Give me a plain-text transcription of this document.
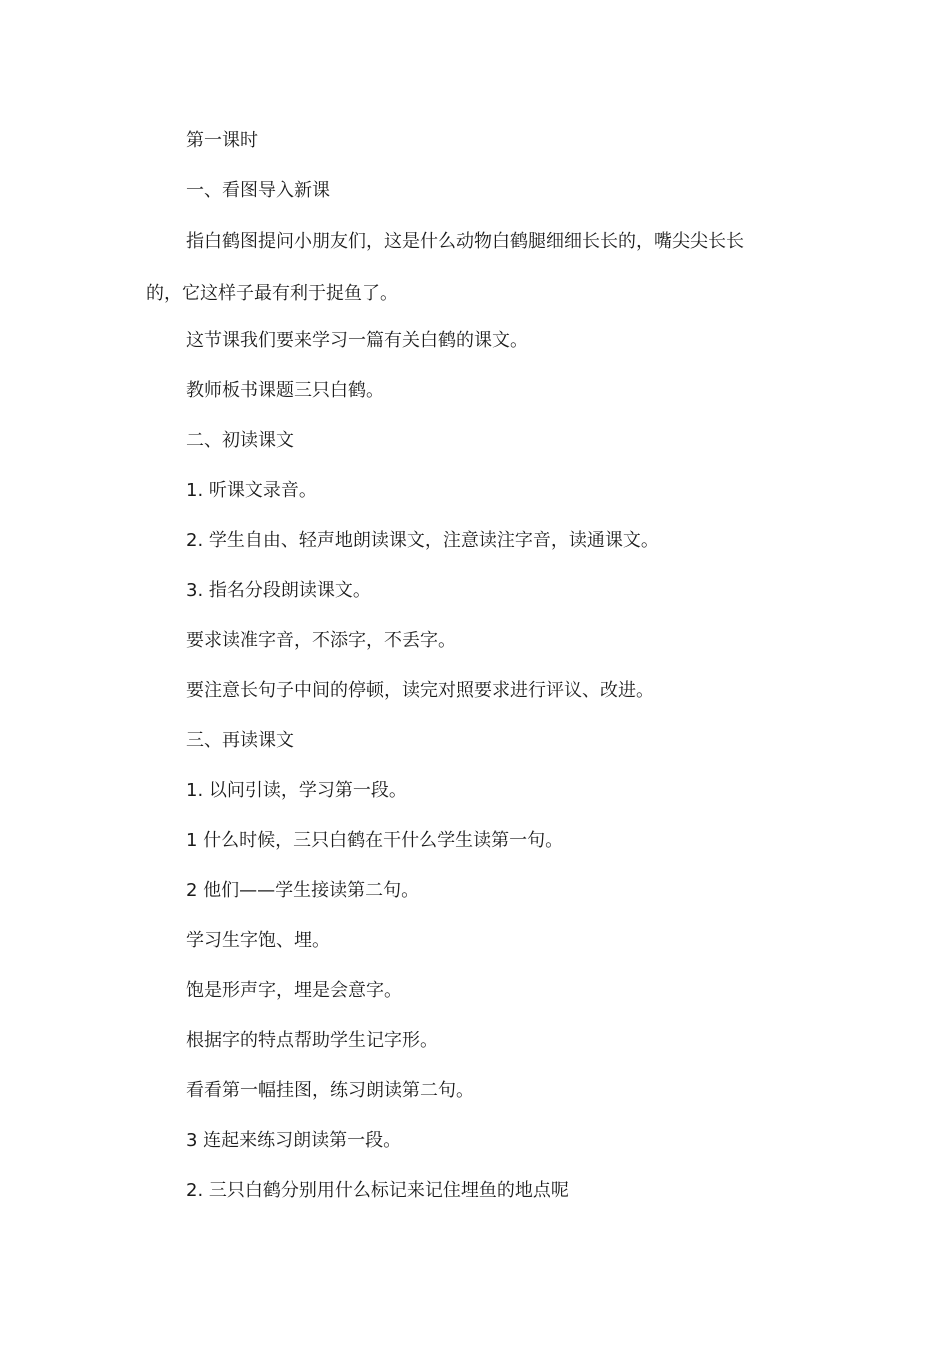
第一课时
一、看图导入新课
指白鹤图提问小朋友们，这是什么动物白鹤腿细细长长的，嘴尖尖长长的，它这样子最有利于捉鱼了。
这节课我们要来学习一篇有关白鹤的课文。
教师板书课题三只白鹤。
二、初读课文
1. 听课文录音。
2. 学生自由、轻声地朗读课文，注意读注字音，读通课文。
3. 指名分段朗读课文。
要求读准字音，不添字，不丢字。
要注意长句子中间的停顿，读完对照要求进行评议、改进。
三、再读课文
1. 以问引读，学习第一段。
1 什么时候，三只白鹤在干什么学生读第一句。
2 他们——学生接读第二句。
学习生字饱、埋。
饱是形声字，埋是会意字。
根据字的特点帮助学生记字形。
看看第一幅挂图，练习朗读第二句。
3 连起来练习朗读第一段。
2. 三只白鹤分别用什么标记来记住埋鱼的地点呢
